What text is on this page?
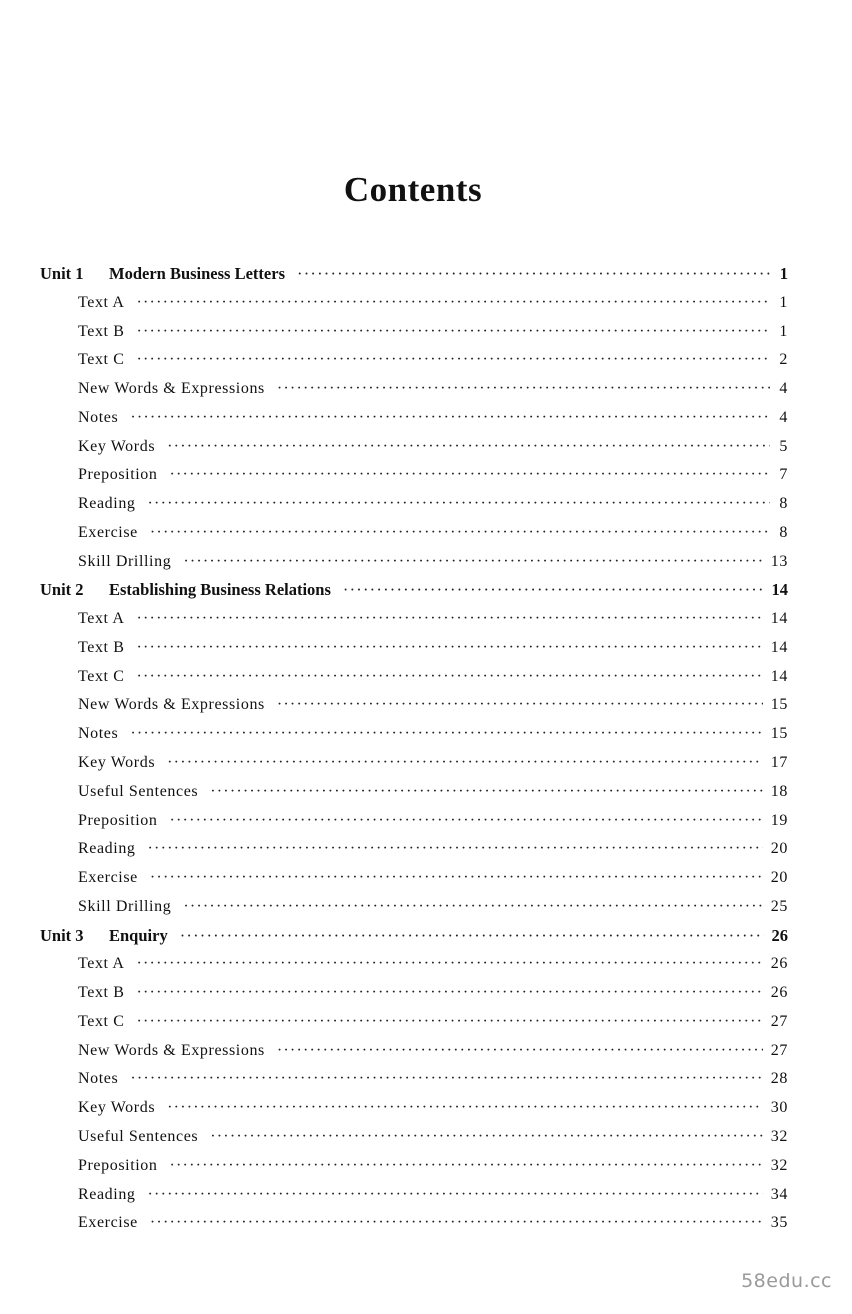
Contents
Unit 1	Modern Business Letters ·····	1
Text A ·····	1
Text B ·····	1
Text C ·····	2
New Words & Expressions ·····	4
Notes ·····	4
Key Words ·····	5
Preposition ·····	7
Reading ·····	8
Exercise ·····	8
Skill Drilling ·····	13
Unit 2	Establishing Business Relations ·····	14
Text A ·····	14
Text B ·····	14
Text C ·····	14
New Words & Expressions ·····	15
Notes ·····	15
Key Words ·····	17
Useful Sentences ·····	18
Preposition ·····	19
Reading ·····	20
Exercise ·····	20
Skill Drilling ·····	25
Unit 3	Enquiry ·····	26
Text A ·····	26
Text B ·····	26
Text C ·····	27
New Words & Expressions ·····	27
Notes ·····	28
Key Words ·····	30
Useful Sentences ·····	32
Preposition ·····	32
Reading ·····	34
Exercise ·····	35
58edu.cc
